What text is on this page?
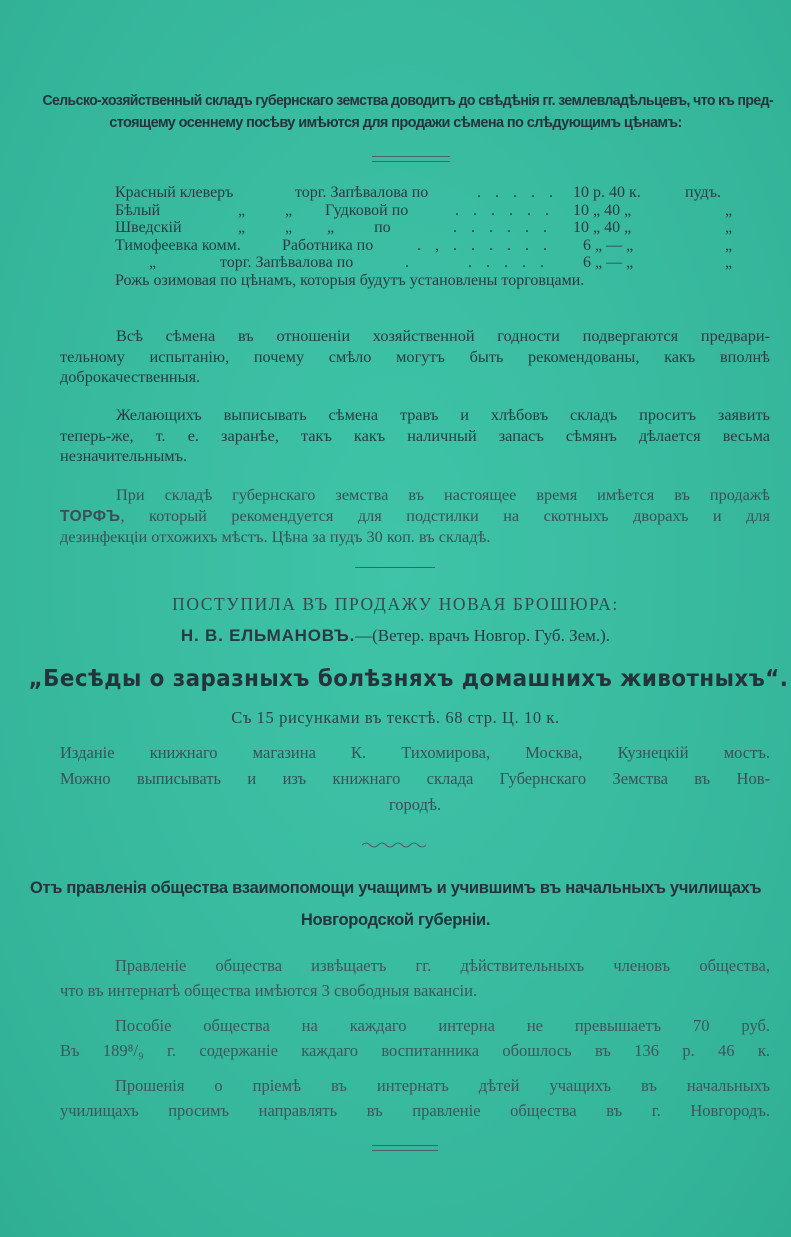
Сельско-хозяйственный складъ губернскаго земства доводитъ до свѣдѣнія гг. землевладѣльцевъ, что къ пред-
стоящему осеннему посѣву имѣются для продажи сѣмена по слѣдующимъ цѣнамъ:
Красный клеверъ	торг. Запѣвалова по	. . . . . 10 р. 40 к.	пудъ.
Бѣлый	„ „ Гудковой по	. . . . . . 10 „ 40 „	„
Шведскій	„ „ „          по	. . . . . . 10 „ 40 „	„
Тимофеевка комм.	Работника по	. , . . . . . . 6 „ — „	„
„	торг. Запѣвалова по	.      . . . . . 6 „ — „	„
Рожь озимовая по цѣнамъ, которыя будутъ установлены торговцами.
Всѣ сѣмена въ отношеніи хозяйственной годности подвергаются предвари-
тельному испытанію, почему смѣло могутъ быть рекомендованы, какъ вполнѣ
доброкачественныя.
Желающихъ выписывать сѣмена травъ и хлѣбовъ складъ проситъ заявить
теперь-же, т. е. заранѣе, такъ какъ наличный запасъ сѣмянъ дѣлается весьма
незначительнымъ.
При складѣ губернскаго земства въ настоящее время имѣется въ продажѣ
ТОРФЪ, который рекомендуется для подстилки на скотныхъ дворахъ и для
дезинфекціи отхожихъ мѣстъ. Цѣна за пудъ 30 коп. въ складѣ.
ПОСТУПИЛА ВЪ ПРОДАЖУ НОВАЯ БРОШЮРА:
Н. В. ЕЛЬМАНОВЪ.—(Ветер. врачъ Новгор. Губ. Зем.).
„Бесѣды о заразныхъ болѣзняхъ домашнихъ животныхъ“.
Съ 15 рисунками въ текстѣ. 68 стр. Ц. 10 к.
Изданіе книжнаго магазина К. Тихомирова, Москва, Кузнецкій мостъ.
Можно выписывать и изъ книжнаго склада Губернскаго Земства въ Нов-
городѣ.
Отъ правленія общества взаимопомощи учащимъ и учившимъ въ начальныхъ училищахъ
Новгородской губерніи.
Правленіе общества извѣщаетъ гг. дѣйствительныхъ членовъ общества,
что въ интернатѣ общества имѣются 3 свободныя вакансіи.
Пособіе общества на каждаго интерна не превышаетъ 70 руб.
Въ 189⁸/₉ г. содержаніе каждаго воспитанника обошлось въ 136 р. 46 к.
Прошенія о пріемѣ въ интернатъ дѣтей учащихъ въ начальныхъ
училищахъ просимъ направлять въ правленіе общества въ г. Новгородъ.
